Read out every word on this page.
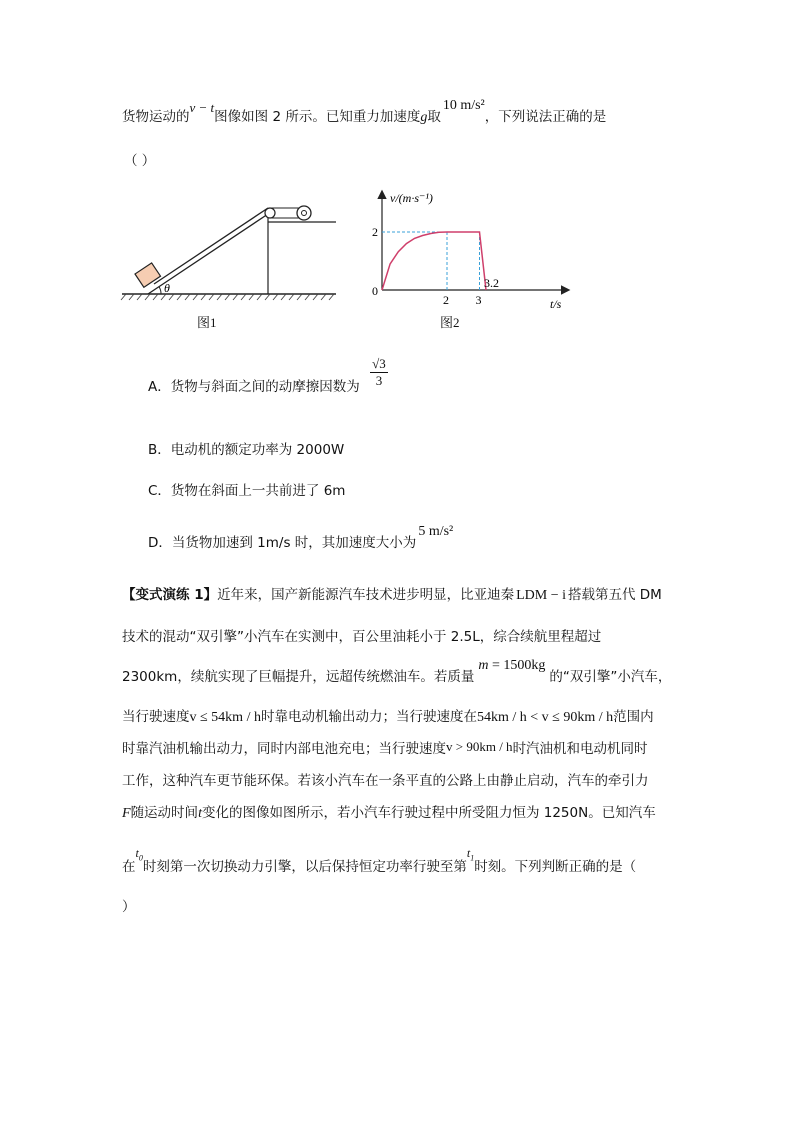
货物运动的v − t图像如图 2 所示。已知重力加速度g取10 m/s²，下列说法正确的是
（ ）
θ
图1
v/(m·s⁻¹)
t/s
0
2
2 3
3.2
图2
A．货物与斜面之间的动摩擦因数为
√3
3
B．电动机的额定功率为 2000W
C．货物在斜面上一共前进了 6m
D．当货物加速到 1m/s 时，其加速度大小为5 m/s²
【变式演练 1】近年来，国产新能源汽车技术进步明显，比亚迪秦 LDM − i 搭载第五代 DM
技术的混动“双引擎”小汽车在实测中，百公里油耗小于 2.5L，综合续航里程超过
2300km，续航实现了巨幅提升，远超传统燃油车。若质量m = 1500kg的“双引擎”小汽车，
当行驶速度v ≤ 54km / h时靠电动机输出动力；当行驶速度在54km / h < v ≤ 90km / h范围内
时靠汽油机输出动力，同时内部电池充电；当行驶速度v > 90km / h时汽油机和电动机同时
工作，这种汽车更节能环保。若该小汽车在一条平直的公路上由静止启动，汽车的牵引力
F随运动时间t变化的图像如图所示，若小汽车行驶过程中所受阻力恒为 1250N。已知汽车
在$t_0$时刻第一次切换动力引擎，以后保持恒定功率行驶至第$t_1$时刻。下列判断正确的是（
）
